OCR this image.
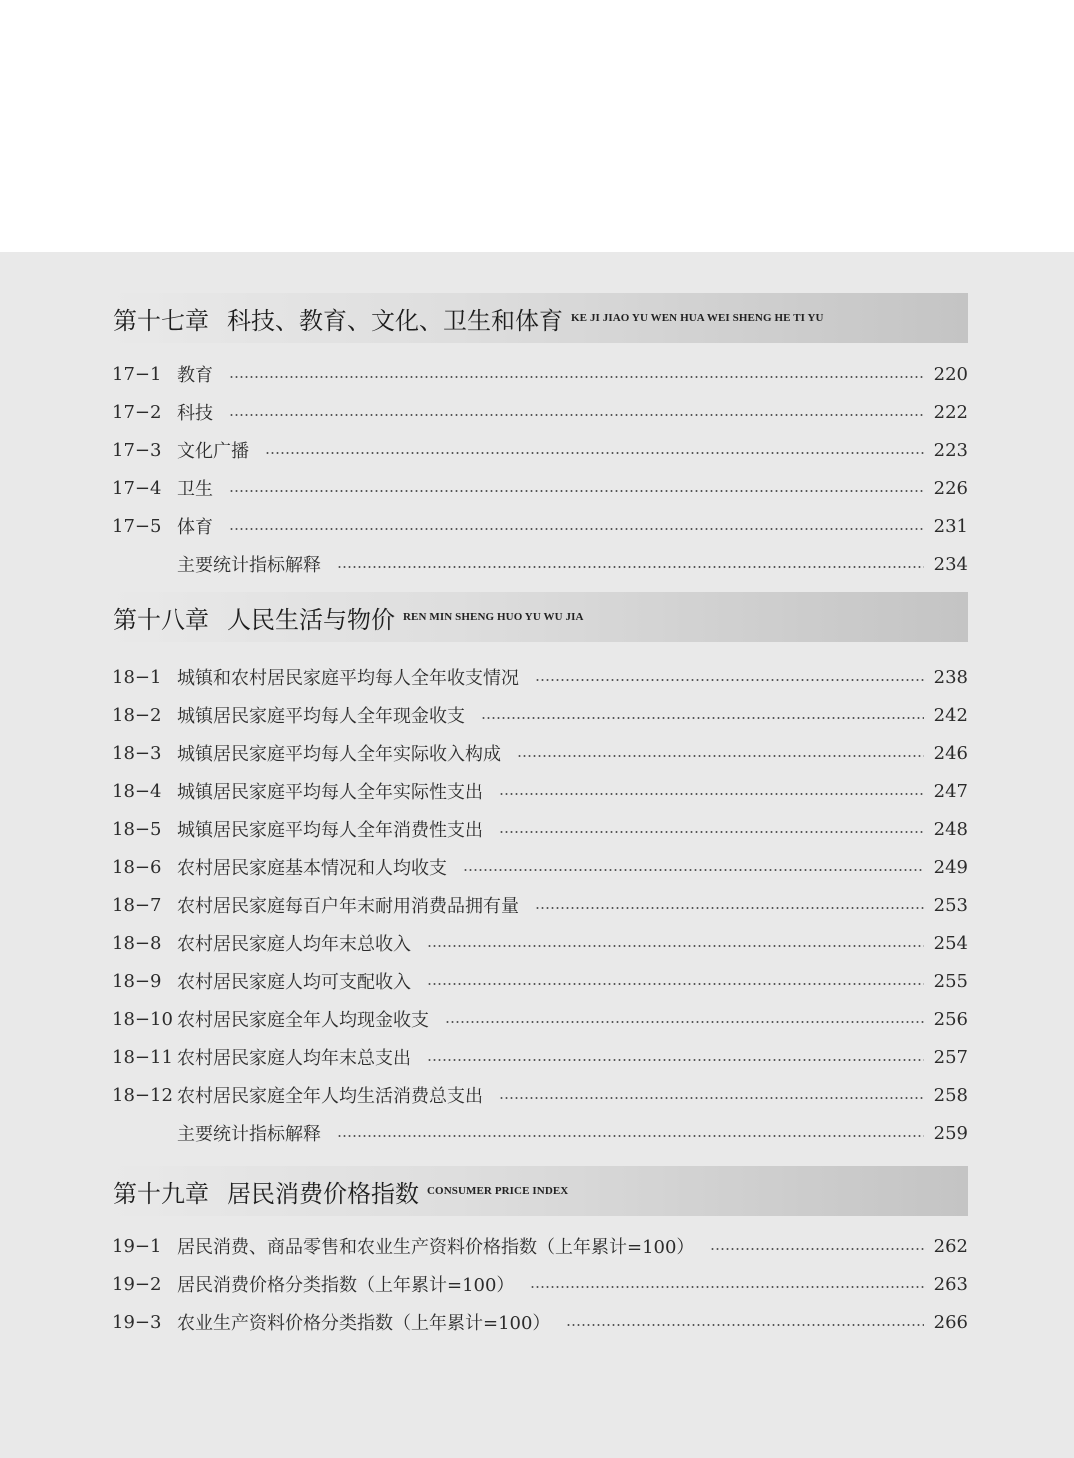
第十七章 科技、教育、文化、卫生和体育 KE JI JIAO YU WEN HUA WEI SHENG HE TI YU
17−1 教育	220
17−2 科技	222
17−3 文化广播	223
17−4 卫生	226
17−5 体育	231
主要统计指标解释	234
第十八章 人民生活与物价 REN MIN SHENG HUO YU WU JIA
18−1 城镇和农村居民家庭平均每人全年收支情况	238
18−2 城镇居民家庭平均每人全年现金收支	242
18−3 城镇居民家庭平均每人全年实际收入构成	246
18−4 城镇居民家庭平均每人全年实际性支出	247
18−5 城镇居民家庭平均每人全年消费性支出	248
18−6 农村居民家庭基本情况和人均收支	249
18−7 农村居民家庭每百户年末耐用消费品拥有量	253
18−8 农村居民家庭人均年末总收入	254
18−9 农村居民家庭人均可支配收入	255
18−10 农村居民家庭全年人均现金收支	256
18−11 农村居民家庭人均年末总支出	257
18−12 农村居民家庭全年人均生活消费总支出	258
主要统计指标解释	259
第十九章 居民消费价格指数 CONSUMER PRICE INDEX
19−1 居民消费、商品零售和农业生产资料价格指数（上年累计=100）	262
19−2 居民消费价格分类指数（上年累计=100）	263
19−3 农业生产资料价格分类指数（上年累计=100）	266
